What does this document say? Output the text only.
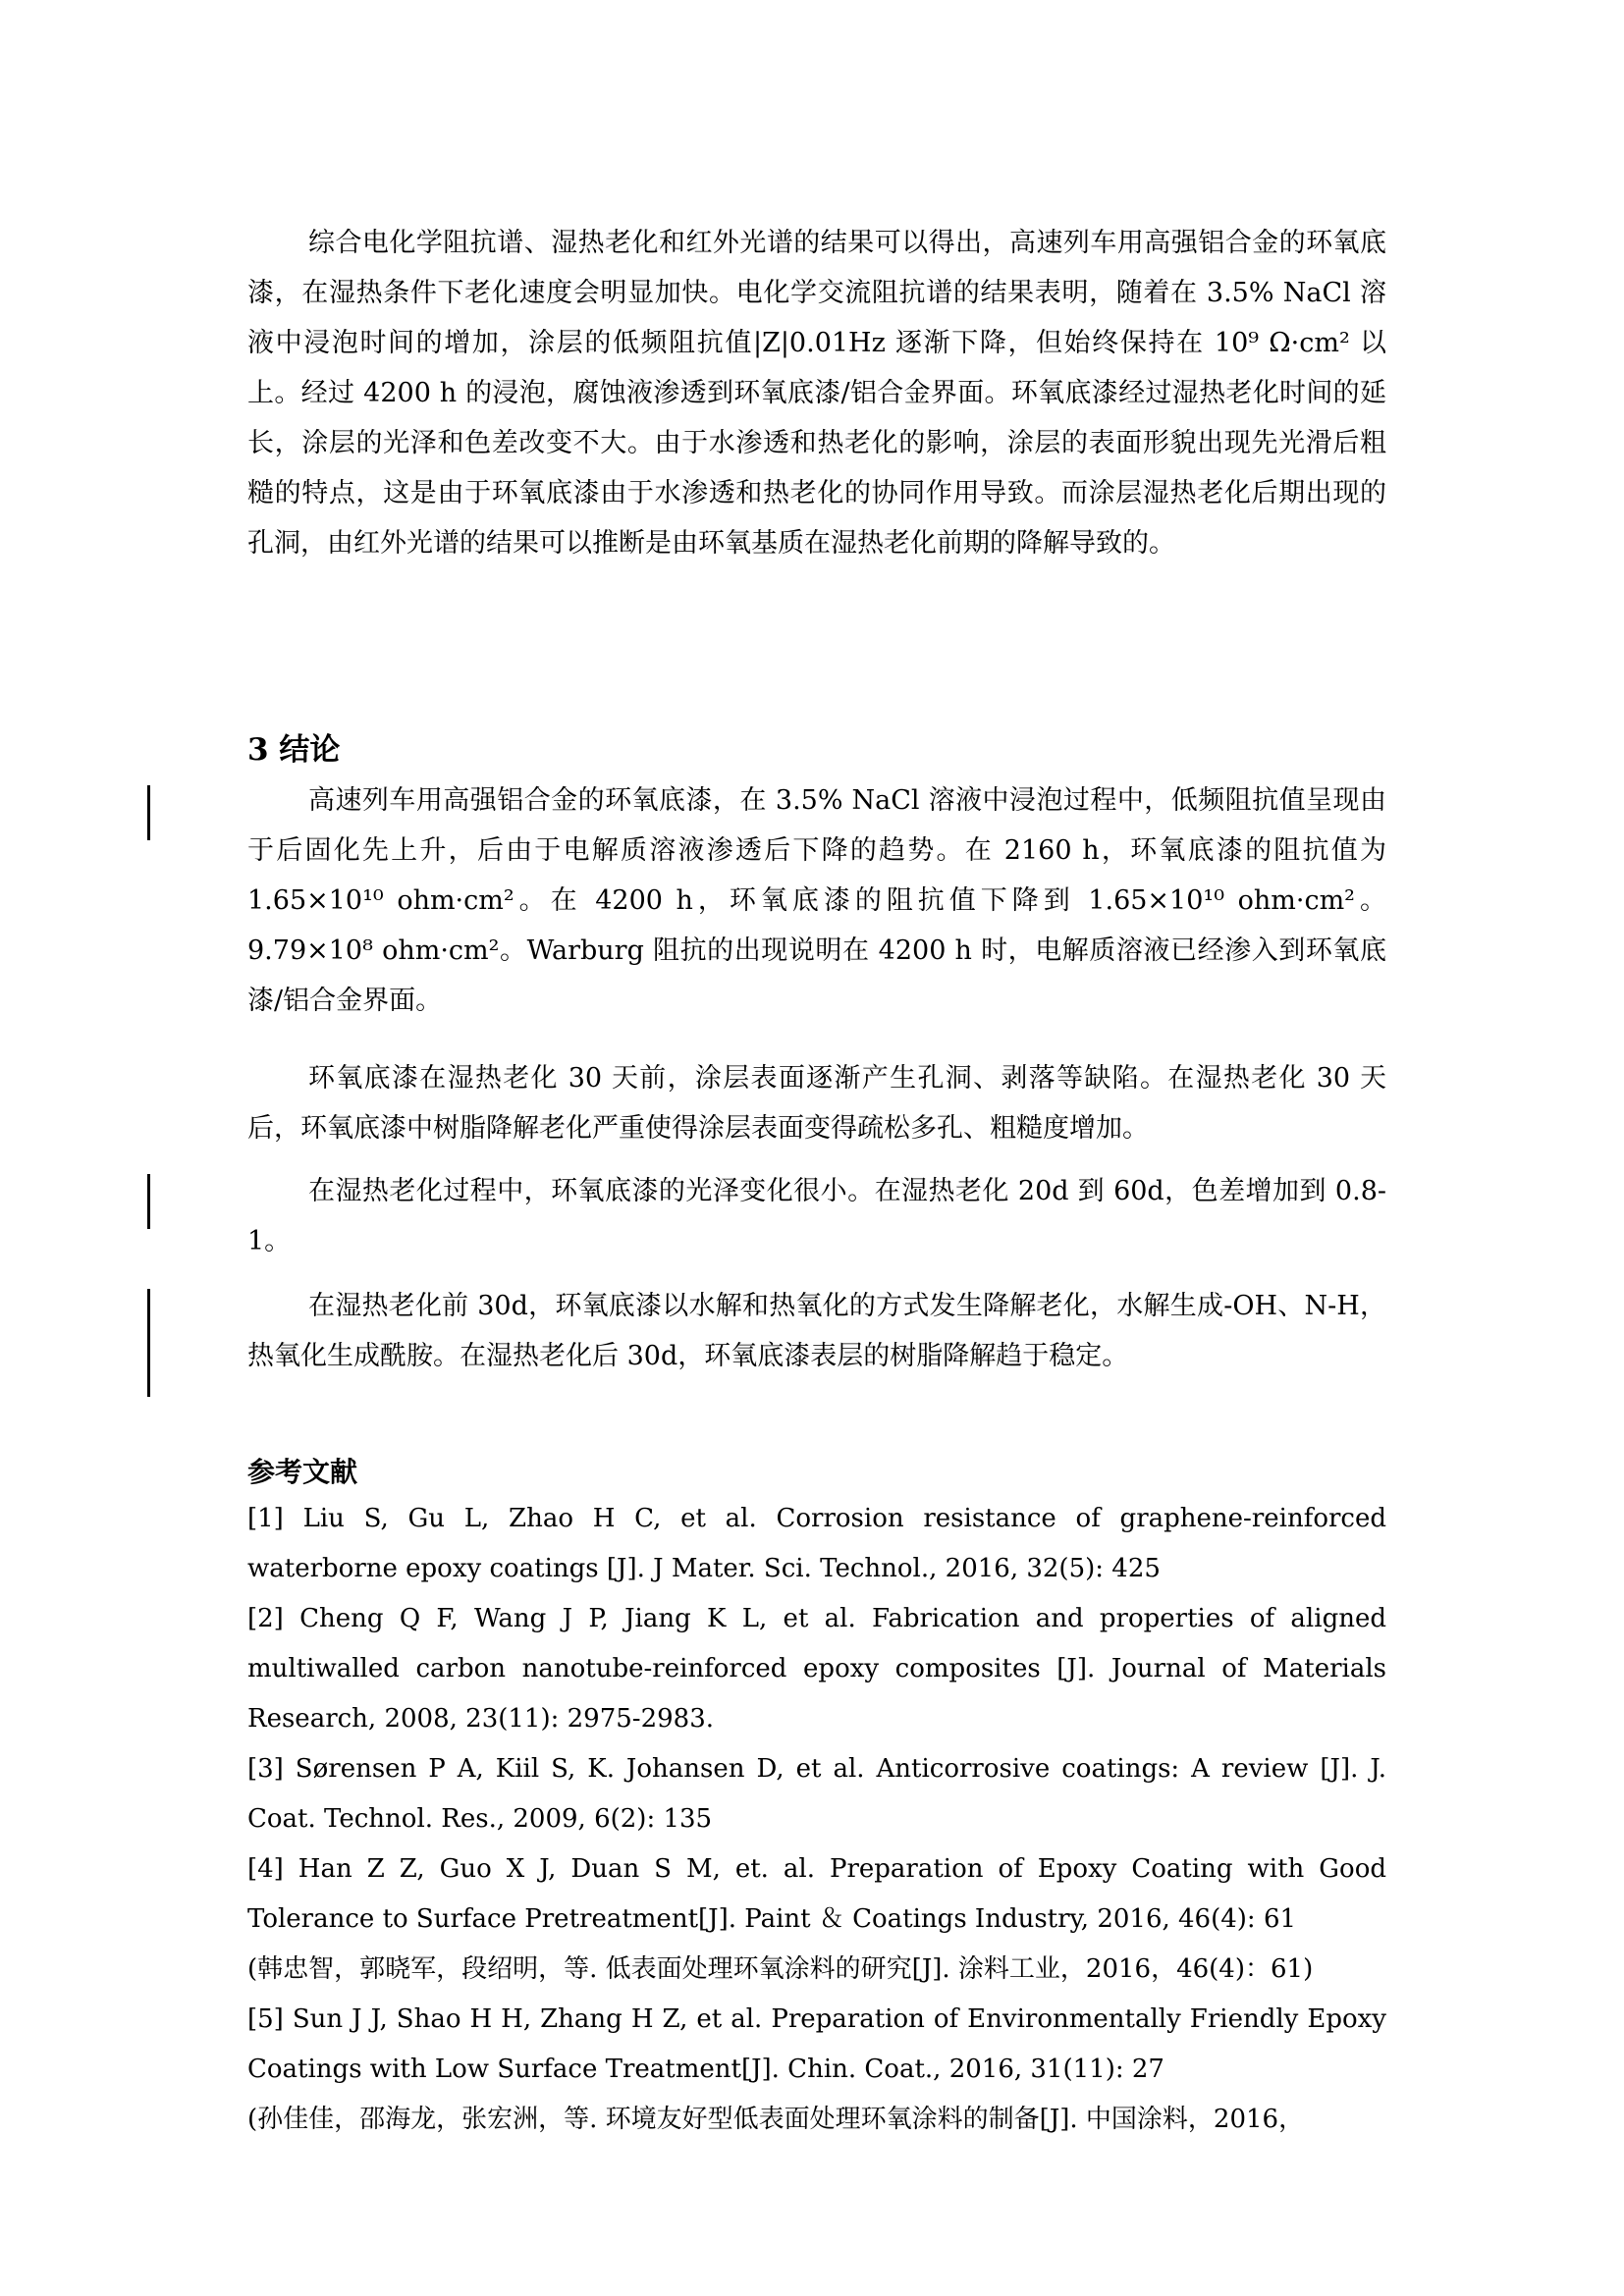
综合电化学阻抗谱、湿热老化和红外光谱的结果可以得出，高速列车用高强铝合金的环氧底漆，在湿热条件下老化速度会明显加快。电化学交流阻抗谱的结果表明，随着在 3.5% NaCl 溶液中浸泡时间的增加，涂层的低频阻抗值|Z|0.01Hz 逐渐下降，但始终保持在 10⁹ Ω·cm² 以上。经过 4200 h 的浸泡，腐蚀液渗透到环氧底漆/铝合金界面。环氧底漆经过湿热老化时间的延长，涂层的光泽和色差改变不大。由于水渗透和热老化的影响，涂层的表面形貌出现先光滑后粗糙的特点，这是由于环氧底漆由于水渗透和热老化的协同作用导致。而涂层湿热老化后期出现的孔洞，由红外光谱的结果可以推断是由环氧基质在湿热老化前期的降解导致的。

3 结论

高速列车用高强铝合金的环氧底漆，在 3.5% NaCl 溶液中浸泡过程中，低频阻抗值呈现由于后固化先上升，后由于电解质溶液渗透后下降的趋势。在 2160 h，环氧底漆的阻抗值为 1.65×10¹⁰ ohm·cm²。在 4200 h，环氧底漆的阻抗值下降到 1.65×10¹⁰ ohm·cm²。9.79×10⁸ ohm·cm²。Warburg 阻抗的出现说明在 4200 h 时，电解质溶液已经渗入到环氧底漆/铝合金界面。

环氧底漆在湿热老化 30 天前，涂层表面逐渐产生孔洞、剥落等缺陷。在湿热老化 30 天后，环氧底漆中树脂降解老化严重使得涂层表面变得疏松多孔、粗糙度增加。

在湿热老化过程中，环氧底漆的光泽变化很小。在湿热老化 20d 到 60d，色差增加到 0.8-1。

在湿热老化前 30d，环氧底漆以水解和热氧化的方式发生降解老化，水解生成-OH、N-H，热氧化生成酰胺。在湿热老化后 30d，环氧底漆表层的树脂降解趋于稳定。

参考文献

[1] Liu S, Gu L, Zhao H C, et al. Corrosion resistance of graphene-reinforced waterborne epoxy coatings [J]. J Mater. Sci. Technol., 2016, 32(5): 425

[2] Cheng Q F, Wang J P, Jiang K L, et al. Fabrication and properties of aligned multiwalled carbon nanotube-reinforced epoxy composites [J]. Journal of Materials Research, 2008, 23(11): 2975-2983.

[3] Sørensen P A, Kiil S, K. Johansen D, et al. Anticorrosive coatings: A review [J]. J. Coat. Technol. Res., 2009, 6(2): 135

[4] Han Z Z, Guo X J, Duan S M, et. al. Preparation of Epoxy Coating with Good Tolerance to Surface Pretreatment[J]. Paint ＆ Coatings Industry, 2016, 46(4): 61

(韩忠智，郭晓军，段绍明，等. 低表面处理环氧涂料的研究[J]. 涂料工业，2016，46(4)：61)

[5] Sun J J, Shao H H, Zhang H Z, et al. Preparation of Environmentally Friendly Epoxy Coatings with Low Surface Treatment[J]. Chin. Coat., 2016, 31(11): 27

(孙佳佳，邵海龙，张宏洲，等. 环境友好型低表面处理环氧涂料的制备[J]. 中国涂料，2016，
